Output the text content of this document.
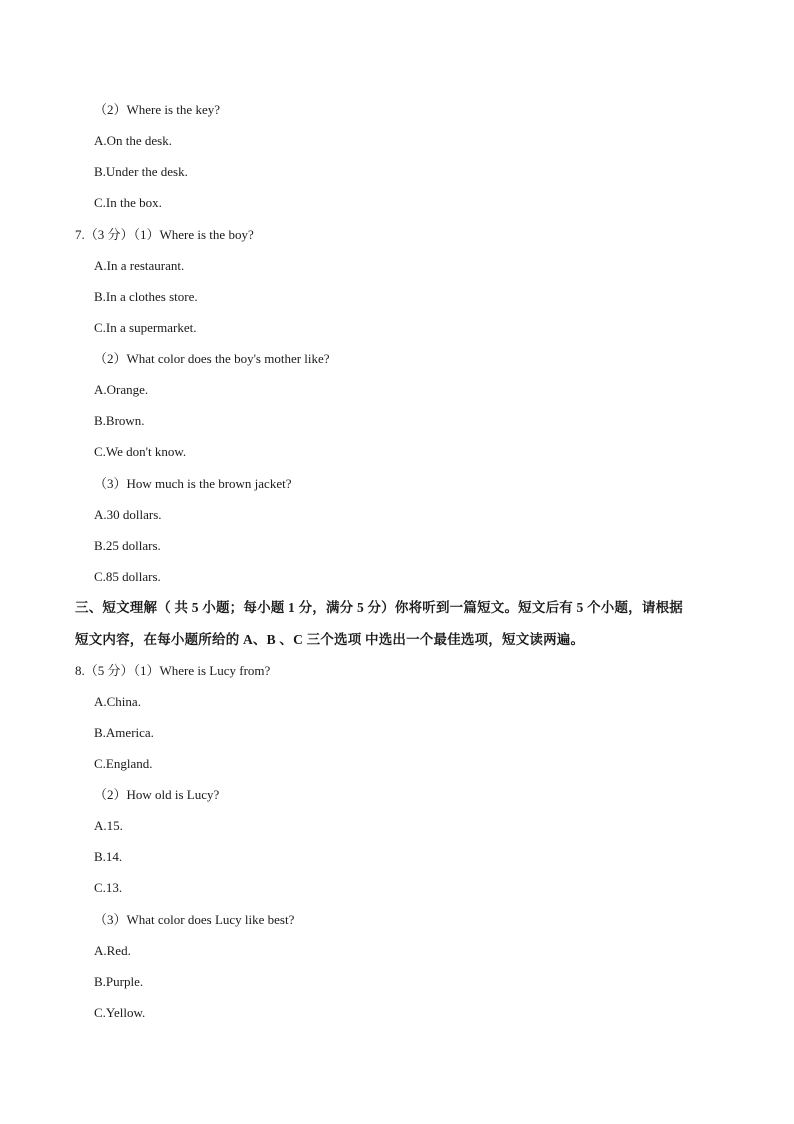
（2）Where is the key?
A.On the desk.
B.Under the desk.
C.In the box.
7.（3 分）（1）Where is the boy?
A.In a restaurant.
B.In a clothes store.
C.In a supermarket.
（2）What color does the boy's mother like?
A.Orange.
B.Brown.
C.We don't know.
（3）How much is the brown jacket?
A.30 dollars.
B.25 dollars.
C.85 dollars.
三、短文理解（ 共 5 小题；每小题 1 分，满分 5 分）你将听到一篇短文。短文后有 5 个小题，请根据
短文内容，在每小题所给的 A、B 、C 三个选项 中选出一个最佳选项，短文读两遍。
8.（5 分）（1）Where is Lucy from?
A.China.
B.America.
C.England.
（2）How old is Lucy?
A.15.
B.14.
C.13.
（3）What color does Lucy like best?
A.Red.
B.Purple.
C.Yellow.
